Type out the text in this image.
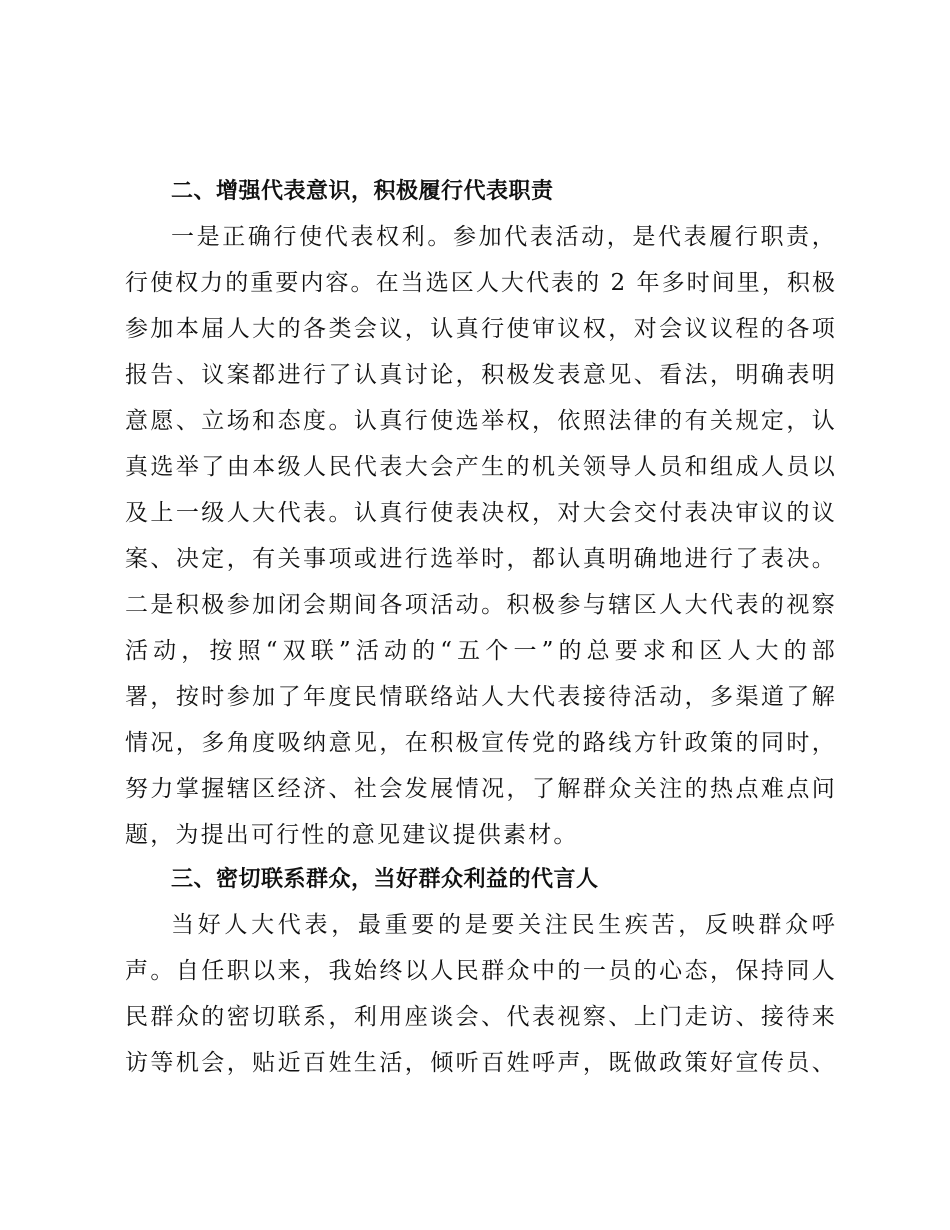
二、增强代表意识，积极履行代表职责
一是正确行使代表权利。参加代表活动，是代表履行职责，
行使权力的重要内容。在当选区人大代表的 2 年多时间里，积极
参加本届人大的各类会议，认真行使审议权，对会议议程的各项
报告、议案都进行了认真讨论，积极发表意见、看法，明确表明
意愿、立场和态度。认真行使选举权，依照法律的有关规定，认
真选举了由本级人民代表大会产生的机关领导人员和组成人员以
及上一级人大代表。认真行使表决权，对大会交付表决审议的议
案、决定，有关事项或进行选举时，都认真明确地进行了表决。
二是积极参加闭会期间各项活动。积极参与辖区人大代表的视察
活动，按照“双联”活动的“五个一”的总要求和区人大的部
署，按时参加了年度民情联络站人大代表接待活动，多渠道了解
情况，多角度吸纳意见，在积极宣传党的路线方针政策的同时，
努力掌握辖区经济、社会发展情况，了解群众关注的热点难点问
题，为提出可行性的意见建议提供素材。
三、密切联系群众，当好群众利益的代言人
当好人大代表，最重要的是要关注民生疾苦，反映群众呼
声。自任职以来，我始终以人民群众中的一员的心态，保持同人
民群众的密切联系，利用座谈会、代表视察、上门走访、接待来
访等机会，贴近百姓生活，倾听百姓呼声，既做政策好宣传员、
